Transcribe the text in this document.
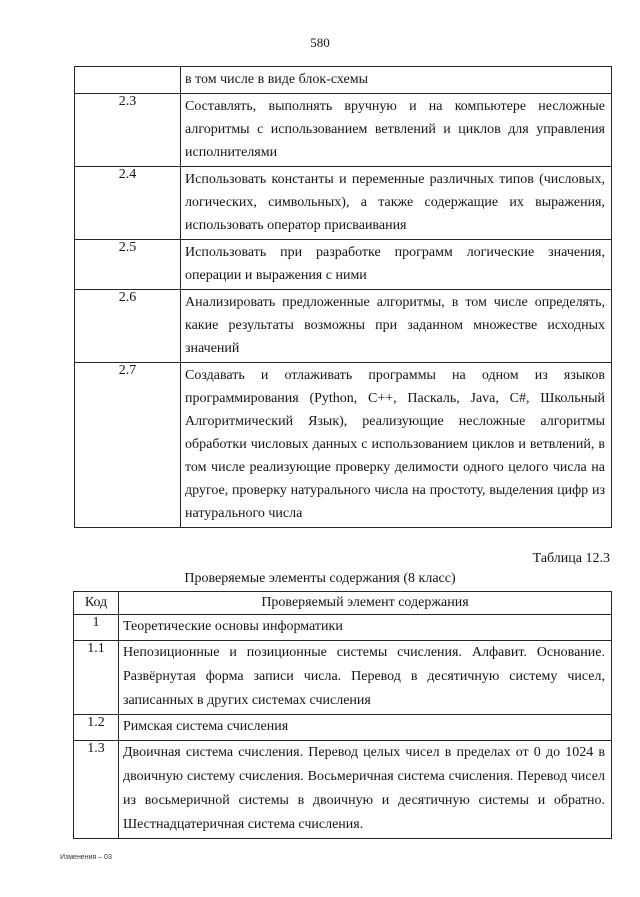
580
	в том числе в виде блок-схемы
2.3	Составлять, выполнять вручную и на компьютере несложные алгоритмы с использованием ветвлений и циклов для управления исполнителями
2.4	Использовать константы и переменные различных типов (числовых, логических, символьных), а также содержащие их выражения, использовать оператор присваивания
2.5	Использовать при разработке программ логические значения, операции и выражения с ними
2.6	Анализировать предложенные алгоритмы, в том числе определять, какие результаты возможны при заданном множестве исходных значений
2.7	Создавать и отлаживать программы на одном из языков программирования (Python, C++, Паскаль, Java, C#, Школьный Алгоритмический Язык), реализующие несложные алгоритмы обработки числовых данных с использованием циклов и ветвлений, в том числе реализующие проверку делимости одного целого числа на другое, проверку натурального числа на простоту, выделения цифр из натурального числа
Таблица 12.3
Проверяемые элементы содержания (8 класс)
Код	Проверяемый элемент содержания
1	Теоретические основы информатики
1.1	Непозиционные и позиционные системы счисления. Алфавит. Основание. Развёрнутая форма записи числа. Перевод в десятичную систему чисел, записанных в других системах счисления
1.2	Римская система счисления
1.3	Двоичная система счисления. Перевод целых чисел в пределах от 0 до 1024 в двоичную систему счисления. Восьмеричная система счисления. Перевод чисел из восьмеричной системы в двоичную и десятичную системы и обратно. Шестнадцатеричная система счисления.
Изменения – 03
